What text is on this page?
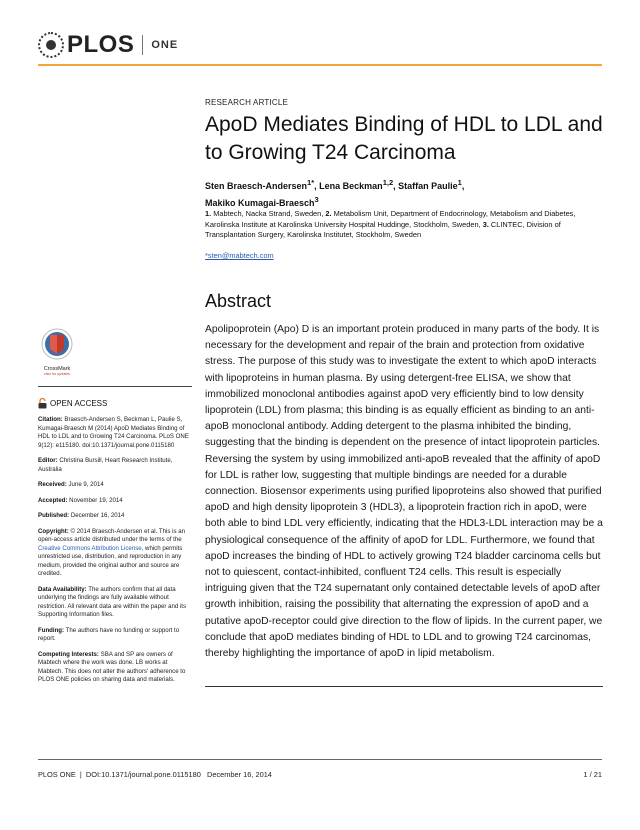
PLOS ONE
RESEARCH ARTICLE
ApoD Mediates Binding of HDL to LDL and to Growing T24 Carcinoma
Sten Braesch-Andersen$^{1*}$, Lena Beckman$^{1,2}$, Staffan Paulie$^1$,
Makiko Kumagai-Braesch$^3$
1. Mabtech, Nacka Strand, Sweden, 2. Metabolism Unit, Department of Endocrinology, Metabolism and Diabetes, Karolinska Institute at Karolinska University Hospital Huddinge, Stockholm, Sweden, 3. CLINTEC, Division of Transplantation Surgery, Karolinska Institutet, Stockholm, Sweden
*sten@mabtech.com
Abstract
Apolipoprotein (Apo) D is an important protein produced in many parts of the body. It is necessary for the development and repair of the brain and protection from oxidative stress. The purpose of this study was to investigate the extent to which apoD interacts with lipoproteins in human plasma. By using detergent-free ELISA, we show that immobilized monoclonal antibodies against apoD very efficiently bind to low density lipoprotein (LDL) from plasma; this binding is as equally efficient as binding to an anti-apoB monoclonal antibody. Adding detergent to the plasma inhibited the binding, suggesting that the binding is dependent on the presence of intact lipoprotein particles. Reversing the system by using immobilized anti-apoB revealed that the affinity of apoD for LDL is rather low, suggesting that multiple bindings are needed for a durable connection. Biosensor experiments using purified lipoproteins also showed that purified apoD and high density lipoprotein 3 (HDL3), a lipoprotein fraction rich in apoD, were both able to bind LDL very efficiently, indicating that the HDL3-LDL interaction may be a physiological consequence of the affinity of apoD for LDL. Furthermore, we found that apoD increases the binding of HDL to actively growing T24 bladder carcinoma cells but not to quiescent, contact-inhibited, confluent T24 cells. This result is especially intriguing given that the T24 supernatant only contained detectable levels of apoD after growth inhibition, raising the possibility that alternating the expression of apoD and a putative apoD-receptor could give direction to the flow of lipids. In the current paper, we conclude that apoD mediates binding of HDL to LDL and to growing T24 carcinomas, thereby highlighting the importance of apoD in lipid metabolism.
CrossMark
click for updates
OPEN ACCESS
Citation: Braesch-Andersen S, Beckman L, Paulie S, Kumagai-Braesch M (2014) ApoD Mediates Binding of HDL to LDL and to Growing T24 Carcinoma. PLoS ONE 9(12): e115180. doi:10.1371/journal.pone.0115180
Editor: Christina Bursill, Heart Research Institute, Australia
Received: June 9, 2014
Accepted: November 19, 2014
Published: December 16, 2014
Copyright: © 2014 Braesch-Andersen et al. This is an open-access article distributed under the terms of the Creative Commons Attribution License, which permits unrestricted use, distribution, and reproduction in any medium, provided the original author and source are credited.
Data Availability: The authors confirm that all data underlying the findings are fully available without restriction. All relevant data are within the paper and its Supporting Information files.
Funding: The authors have no funding or support to report.
Competing Interests: SBA and SP are owners of Mabtech where the work was done. LB works at Mabtech. This does not alter the authors' adherence to PLOS ONE policies on sharing data and materials.
PLOS ONE  |  DOI:10.1371/journal.pone.0115180   December 16, 2014	1 / 21
